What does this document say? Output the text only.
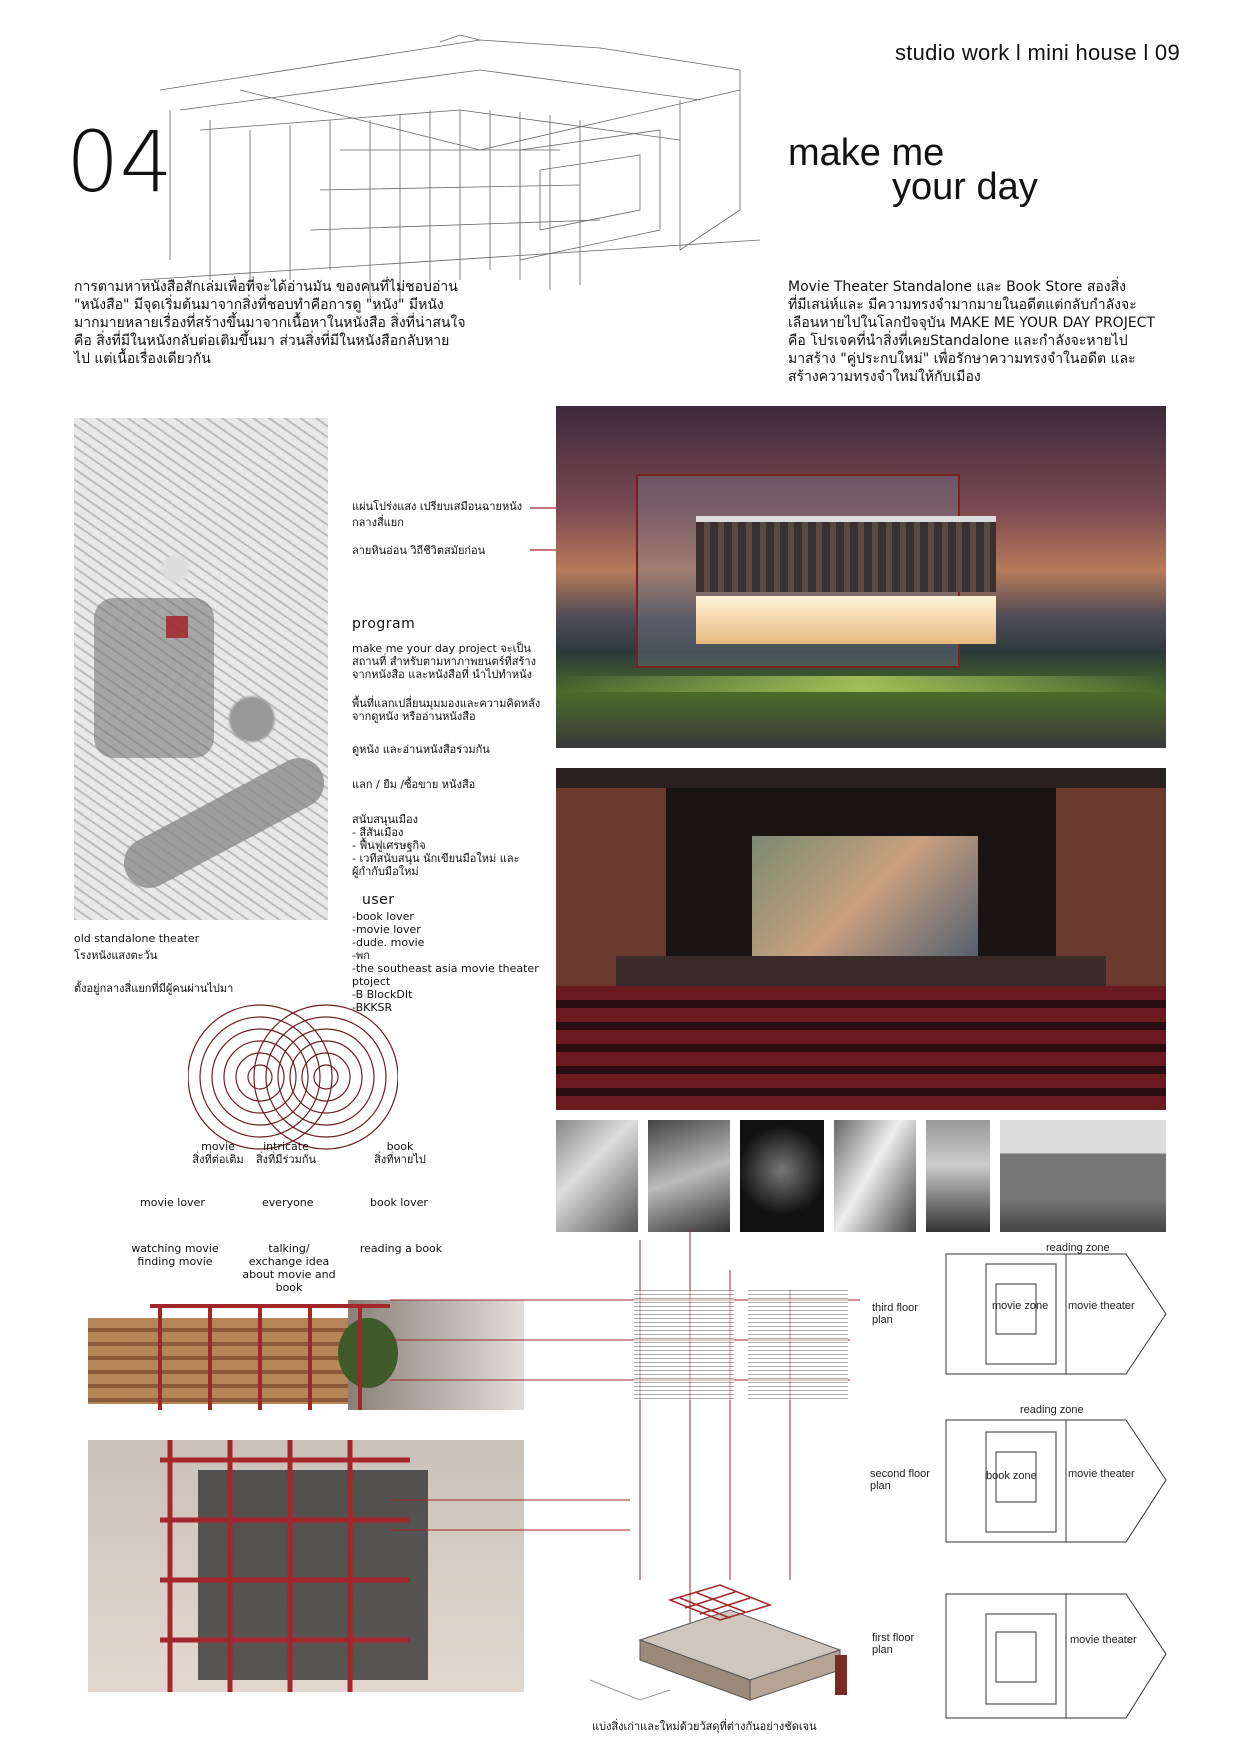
studio work l mini house l 09
04	make me
your day
การตามหาหนังสือสักเล่มเพื่อที่จะได้อ่านมัน ของคนที่ไม่ชอบอ่าน
"หนังสือ" มีจุดเริ่มต้นมาจากสิ่งที่ชอบทำคือการดู "หนัง" มีหนัง
มากมายหลายเรื่องที่สร้างขึ้นมาจากเนื้อหาในหนังสือ สิ่งที่น่าสนใจ
คือ สิ่งที่มีในหนังกลับต่อเติมขึ้นมา ส่วนสิ่งที่มีในหนังสือกลับหาย
ไป แต่เนื้อเรื่องเดียวกัน
Movie Theater Standalone และ Book Store สองสิ่ง
ที่มีเสน่ห์และ มีความทรงจำมากมายในอดีตแต่กลับกำลังจะ
เลือนหายไปในโลกปัจจุบัน MAKE ME YOUR DAY PROJECT
คือ โปรเจคที่นำสิ่งที่เคยStandalone และกำลังจะหายไป
มาสร้าง "คู่ประกบใหม่" เพื่อรักษาความทรงจำในอดีต และ
สร้างความทรงจำใหม่ให้กับเมือง
old standalone theater
โรงหนังแสงตะวัน
ตั้งอยู่กลางสี่แยกที่มีผู้คนผ่านไปมา
แผ่นโปร่งแสง เปรียบเสมือนฉายหนัง
กลางสี่แยก
ลายหินอ่อน วิถีชีวิตสมัยก่อน
program
make me your day project จะเป็น
สถานที่ สำหรับตามหาภาพยนตร์ที่สร้าง
จากหนังสือ และหนังสือที่ นำไปทำหนัง
พื้นที่แลกเปลี่ยนมุมมองและความคิดหลัง
จากดูหนัง หรืออ่านหนังสือ
ดูหนัง และอ่านหนังสือร่วมกัน
แลก / ยืม /ซื้อขาย หนังสือ
สนับสนุนเมือง
- สีสันเมือง
- ฟื้นฟูเศรษฐกิจ
- เวทีสนับสนุน นักเขียนมือใหม่ และ
ผู้กำกับมือใหม่
user
-book lover
-movie lover
-dude. movie
-พก
-the southeast asia movie theater
ptoject
-B BlockDIt
-BKKSR
movie
สิ่งที่ต่อเติม
intricate
สิ่งที่มีร่วมกัน
book
สิ่งที่หายไป
movie lover	everyone	book lover
watching movie
finding movie
talking/
exchange idea
about movie and
book
reading a book
แบ่งสิ่งเก่าและใหม่ด้วยวัสดุที่ต่างกันอย่างชัดเจน
reading zone
movie zone movie theater
third floor
plan
reading zone
book zone	movie theater
second floor
plan
movie theater
first floor
plan
